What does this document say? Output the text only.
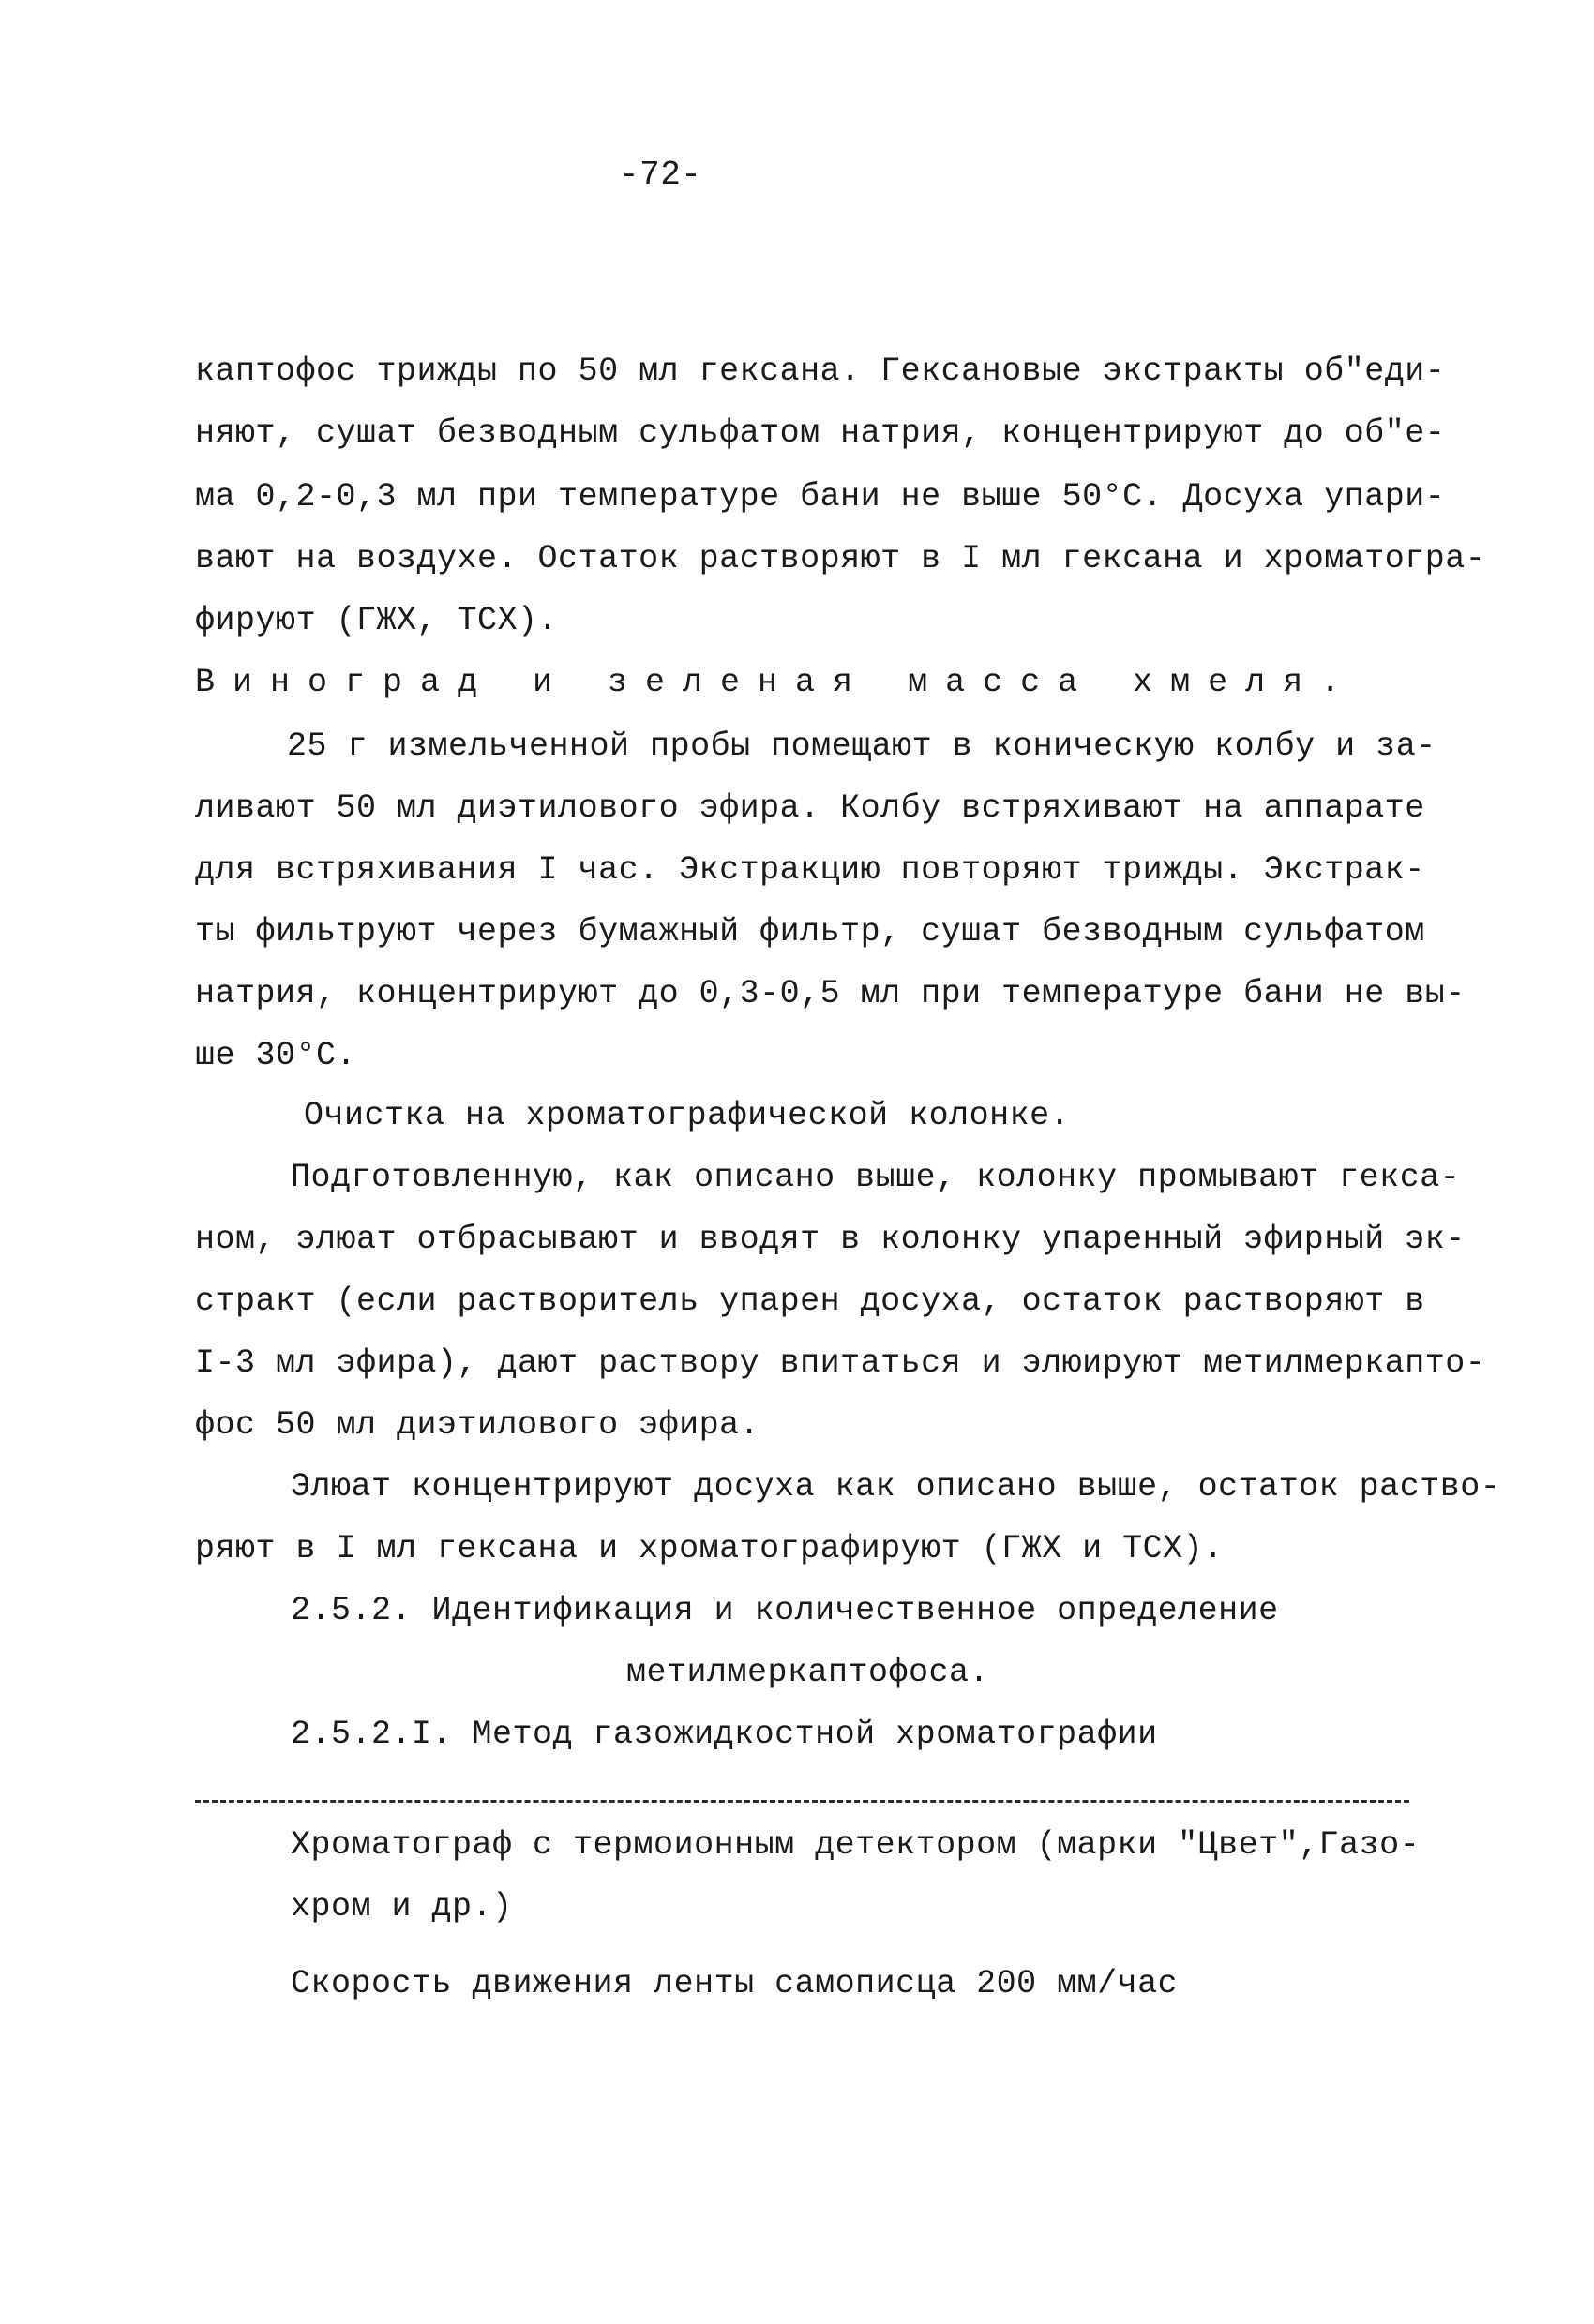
-72-
каптофос трижды по 50 мл гексана. Гексановые экстракты об"еди-
няют, сушат безводным сульфатом натрия, концентрируют до об"е-
ма 0,2-0,3 мл при температуре бани не выше 50°С. Досуха упари-
вают на воздухе. Остаток растворяют в I мл гексана и хроматогра-
фируют (ГЖХ, ТСХ).
Виноград и зеленая масса хмеля.
25 г измельченной пробы помещают в коническую колбу и за-
ливают 50 мл диэтилового эфира. Колбу встряхивают на аппарате
для встряхивания I час. Экстракцию повторяют трижды. Экстрак-
ты фильтруют через бумажный фильтр, сушат безводным сульфатом
натрия, концентрируют до 0,3-0,5 мл при температуре бани не вы-
ше 30°С.
Очистка на хроматографической колонке.
Подготовленную, как описано выше, колонку промывают гекса-
ном, элюат отбрасывают и вводят в колонку упаренный эфирный эк-
стракт (если растворитель упарен досуха, остаток растворяют в
I-3 мл эфира), дают раствору впитаться и элюируют метилмеркапто-
фос 50 мл диэтилового эфира.
Элюат концентрируют досуха как описано выше, остаток раство-
ряют в I мл гексана и хроматографируют (ГЖХ и ТСХ).
2.5.2. Идентификация и количественное определение
метилмеркаптофоса.
2.5.2.I. Метод газожидкостной хроматографии
Хроматограф с термоионным детектором (марки "Цвет",Газо-
хром и др.)
Скорость движения ленты самописца 200 мм/час
